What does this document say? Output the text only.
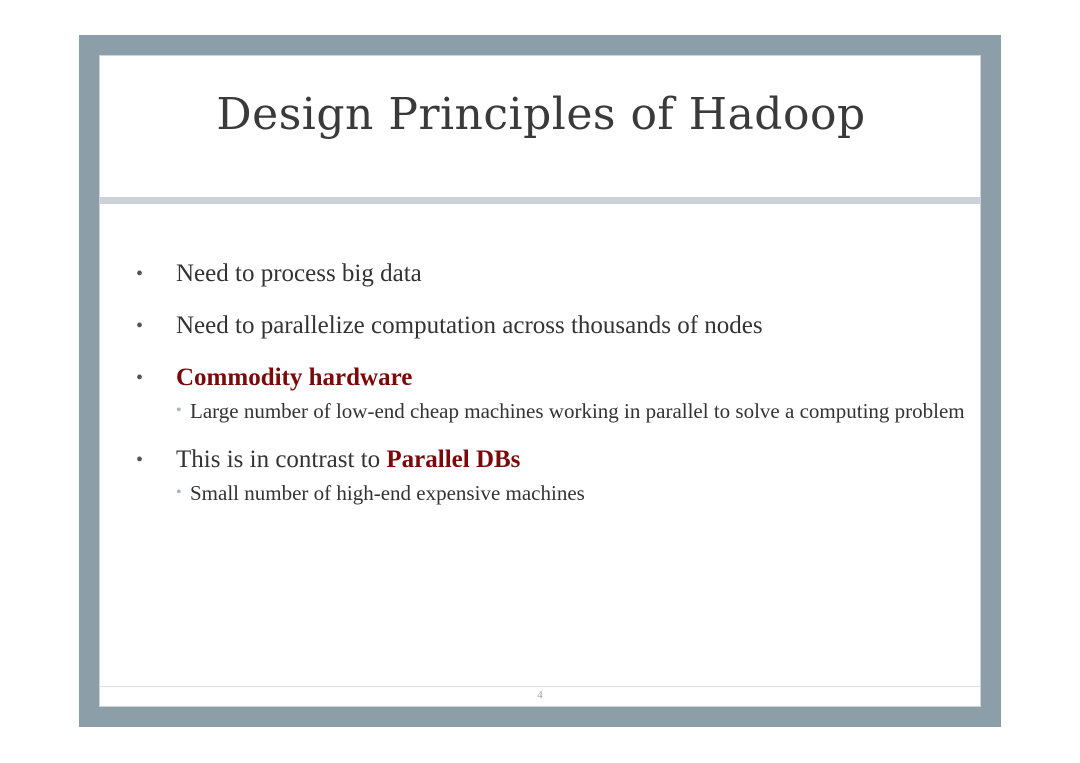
Design Principles of Hadoop
•	Need to process big data
•	Need to parallelize computation across thousands of nodes
•	Commodity hardware
• Large number of low-end cheap machines working in parallel to solve a computing problem
•	This is in contrast to Parallel DBs
• Small number of high-end expensive machines
4
